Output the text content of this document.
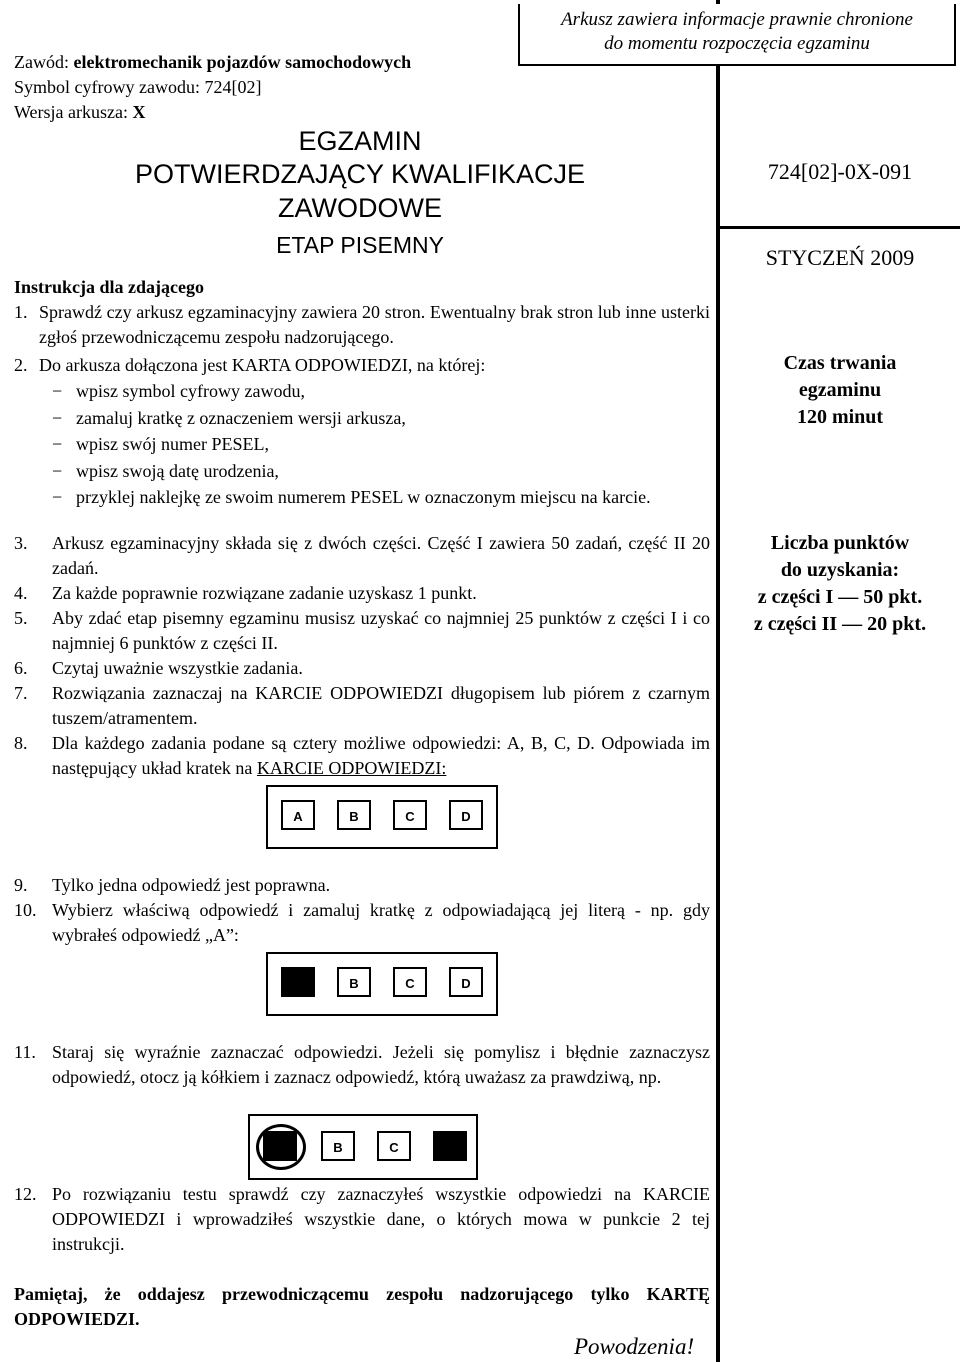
Arkusz zawiera informacje prawnie chronione
do momentu rozpoczęcia egzaminu
Zawód: elektromechanik pojazdów samochodowych
Symbol cyfrowy zawodu: 724[02]
Wersja arkusza: X
EGZAMIN
POTWIERDZAJĄCY KWALIFIKACJE
ZAWODOWE
ETAP PISEMNY
724[02]-0X-091
STYCZEŃ 2009
Czas trwania
egzaminu
120 minut
Liczba punktów
do uzyskania:
z części I — 50 pkt.
z części II — 20 pkt.
Instrukcja dla zdającego
1. Sprawdź czy arkusz egzaminacyjny zawiera 20 stron. Ewentualny brak stron lub inne usterki zgłoś przewodniczącemu zespołu nadzorującego.
2. Do arkusza dołączona jest KARTA ODPOWIEDZI, na której:
− wpisz symbol cyfrowy zawodu,
− zamaluj kratkę z oznaczeniem wersji arkusza,
− wpisz swój numer PESEL,
− wpisz swoją datę urodzenia,
− przyklej naklejkę ze swoim numerem PESEL w oznaczonym miejscu na karcie.
3. Arkusz egzaminacyjny składa się z dwóch części. Część I zawiera 50 zadań, część II 20 zadań.
4. Za każde poprawnie rozwiązane zadanie uzyskasz 1 punkt.
5. Aby zdać etap pisemny egzaminu musisz uzyskać co najmniej 25 punktów z części I i co najmniej 6 punktów z części II.
6. Czytaj uważnie wszystkie zadania.
7. Rozwiązania zaznaczaj na KARCIE ODPOWIEDZI długopisem lub piórem z czarnym tuszem/atramentem.
8. Dla każdego zadania podane są cztery możliwe odpowiedzi: A, B, C, D. Odpowiada im następujący układ kratek na KARCIE ODPOWIEDZI:
A	B	C	D
9. Tylko jedna odpowiedź jest poprawna.
10. Wybierz właściwą odpowiedź i zamaluj kratkę z odpowiadającą jej literą - np. gdy wybrałeś odpowiedź „A”:
B	C	D
11. Staraj się wyraźnie zaznaczać odpowiedzi. Jeżeli się pomylisz i błędnie zaznaczysz odpowiedź, otocz ją kółkiem i zaznacz odpowiedź, którą uważasz za prawdziwą, np.
B	C
12. Po rozwiązaniu testu sprawdź czy zaznaczyłeś wszystkie odpowiedzi na KARCIE ODPOWIEDZI i wprowadziłeś wszystkie dane, o których mowa w punkcie 2 tej instrukcji.
Pamiętaj, że oddajesz przewodniczącemu zespołu nadzorującego tylko KARTĘ ODPOWIEDZI.
Powodzenia!
